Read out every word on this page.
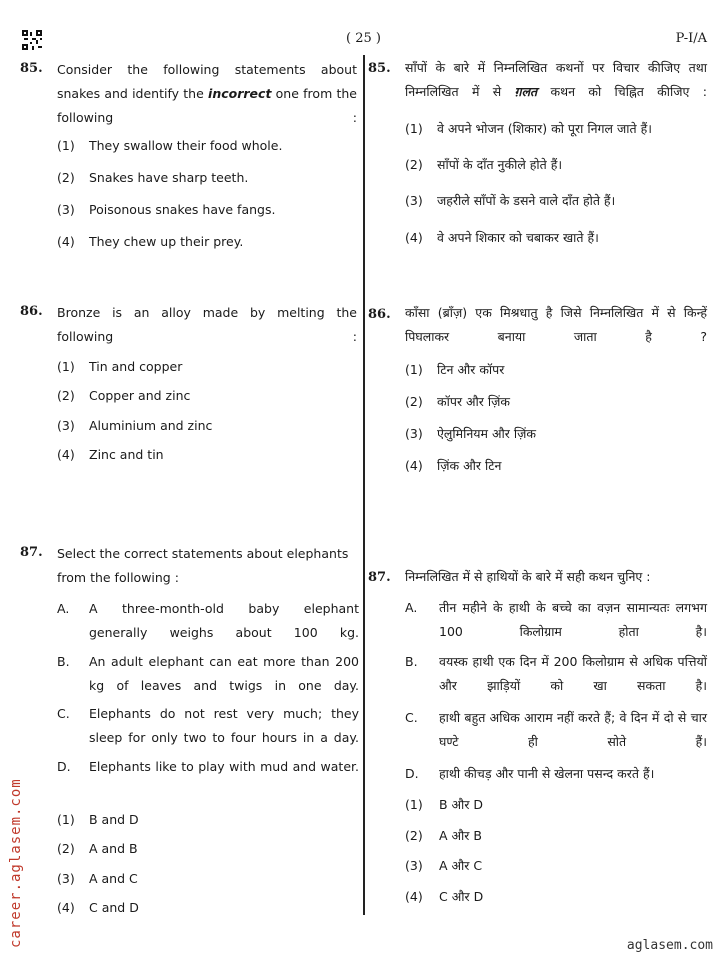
( 25 )	P-I/A
85. Consider the following statements about snakes and identify the incorrect one from the following :
(1)	They swallow their food whole.
(2)	Snakes have sharp teeth.
(3)	Poisonous snakes have fangs.
(4)	They chew up their prey.
86. Bronze is an alloy made by melting the following :
(1)	Tin and copper
(2)	Copper and zinc
(3)	Aluminium and zinc
(4)	Zinc and tin
87. Select the correct statements about elephants from the following :
A. A three-month-old baby elephant generally weighs about 100 kg.
B. An adult elephant can eat more than 200 kg of leaves and twigs in one day.
C. Elephants do not rest very much; they sleep for only two to four hours in a day.
D. Elephants like to play with mud and water.
(1)	B and D
(2)	A and B
(3)	A and C
(4)	C and D
85. साँपों के बारे में निम्नलिखित कथनों पर विचार कीजिए तथा निम्नलिखित में से ग़लत कथन को चिह्नित कीजिए :
(1)	वे अपने भोजन (शिकार) को पूरा निगल जाते हैं।
(2)	साँपों के दाँत नुकीले होते हैं।
(3)	जहरीले साँपों के डसने वाले दाँत होते हैं।
(4)	वे अपने शिकार को चबाकर खाते हैं।
86. काँसा (ब्राँज़) एक मिश्रधातु है जिसे निम्नलिखित में से किन्हें पिघलाकर बनाया जाता है ?
(1)	टिन और कॉपर
(2)	कॉपर और ज़िंक
(3)	ऐलुमिनियम और ज़िंक
(4)	ज़िंक और टिन
87. निम्नलिखित में से हाथियों के बारे में सही कथन चुनिए :
A. तीन महीने के हाथी के बच्चे का वज़न सामान्यतः लगभग 100 किलोग्राम होता है।
B. वयस्क हाथी एक दिन में 200 किलोग्राम से अधिक पत्तियों और झाड़ियों को खा सकता है।
C. हाथी बहुत अधिक आराम नहीं करते हैं; वे दिन में दो से चार घण्टे ही सोते हैं।
D. हाथी कीचड़ और पानी से खेलना पसन्द करते हैं।
(1)	B और D
(2)	A और B
(3)	A और C
(4)	C और D
career.aglasem.com	aglasem.com
